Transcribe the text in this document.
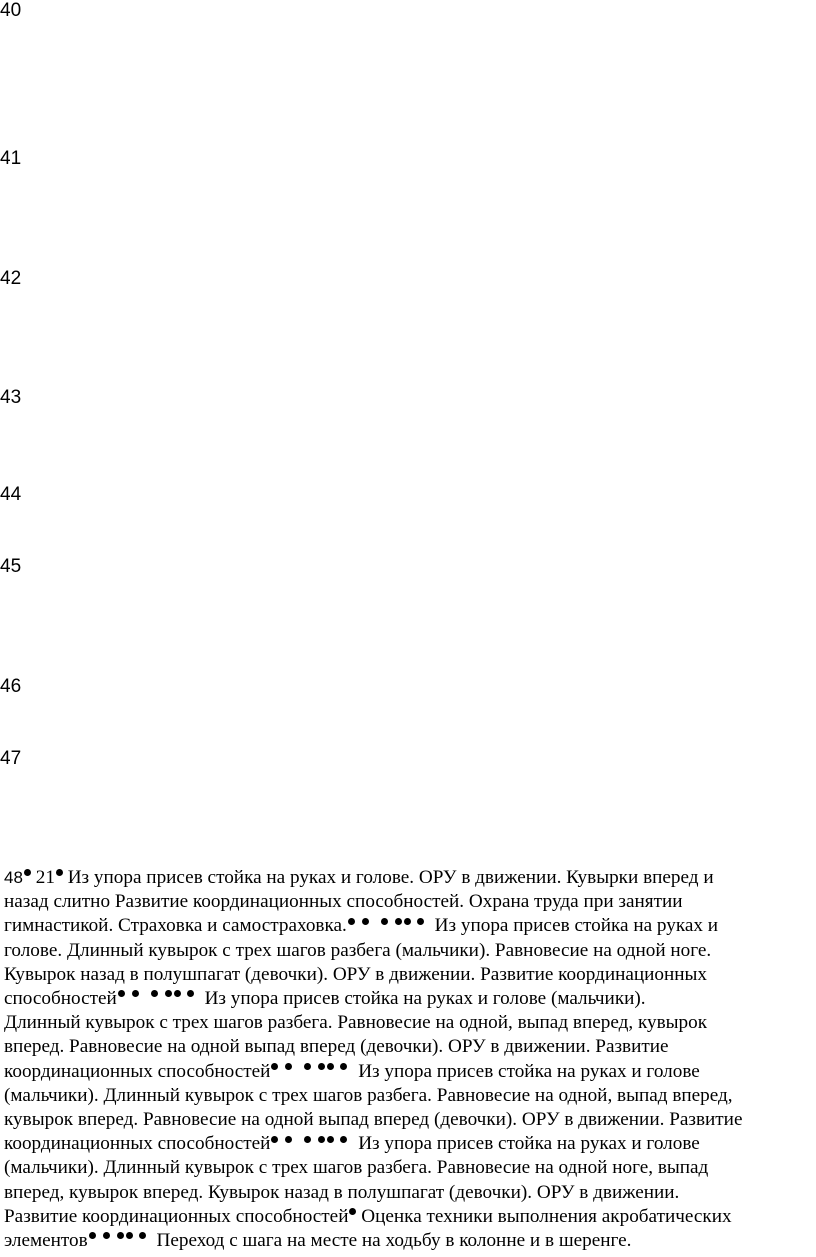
40

41

42

43

44

45

46

47

48 21 Из упора присев стойка на руках и голове. ОРУ в движении. Кувырки вперед и
назад слитно Развитие координационных способностей. Охрана труда при занятии
гимнастикой. Страховка и самостраховка.	Из упора присев стойка на руках и
голове. Длинный кувырок с трех шагов разбега (мальчики). Равновесие на одной ноге.
Кувырок назад в полушпагат (девочки). ОРУ в движении. Развитие координационных
способностей	Из упора присев стойка на руках и голове (мальчики).
Длинный кувырок с трех шагов разбега. Равновесие на одной, выпад вперед, кувырок
вперед. Равновесие на одной выпад вперед (девочки). ОРУ в движении. Развитие
координационных способностей	Из упора присев стойка на руках и голове
(мальчики). Длинный кувырок с трех шагов разбега. Равновесие на одной, выпад вперед,
кувырок вперед. Равновесие на одной выпад вперед (девочки). ОРУ в движении. Развитие
координационных способностей	Из упора присев стойка на руках и голове
(мальчики). Длинный кувырок с трех шагов разбега. Равновесие на одной ноге, выпад
вперед, кувырок вперед. Кувырок назад в полушпагат (девочки). ОРУ в движении.
Развитие координационных способностей Оценка техники выполнения акробатических
элементов	Переход с шага на месте на ходьбу в колонне и в шеренге.
